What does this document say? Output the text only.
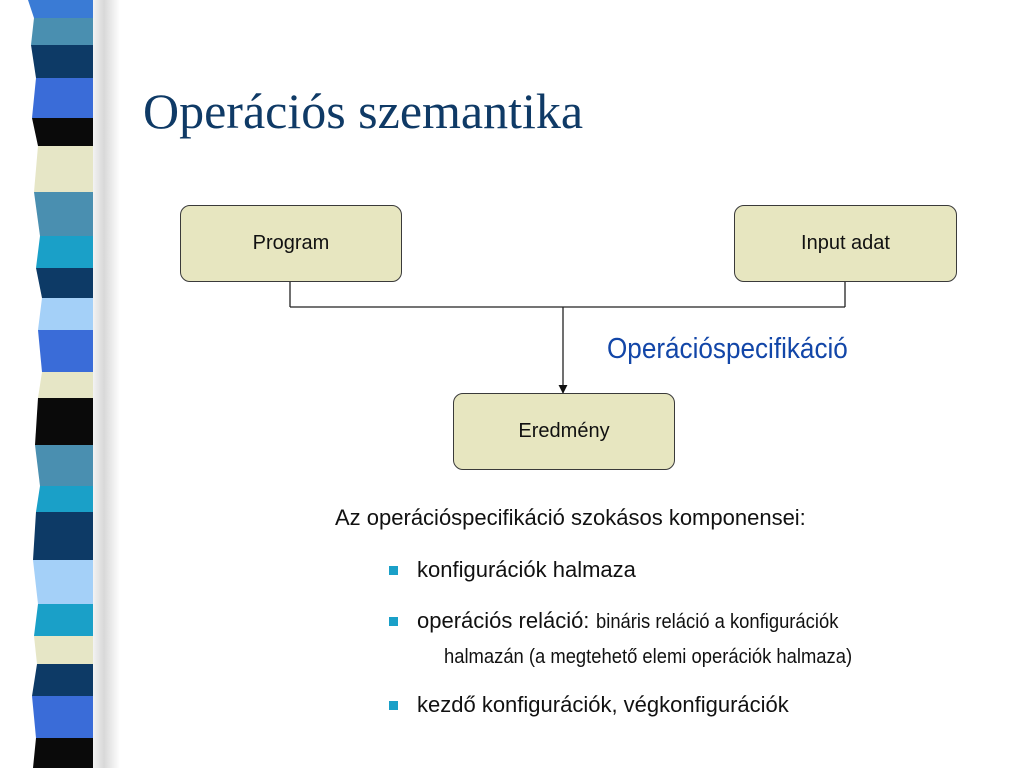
Operációs szemantika
Program	Input adat
Eredmény
Operációspecifikáció
Az operációspecifikáció szokásos komponensei:
konfigurációk halmaza
operációs reláció: bináris reláció a konfigurációk
halmazán (a megtehető elemi operációk halmaza)
kezdő konfigurációk, végkonfigurációk
